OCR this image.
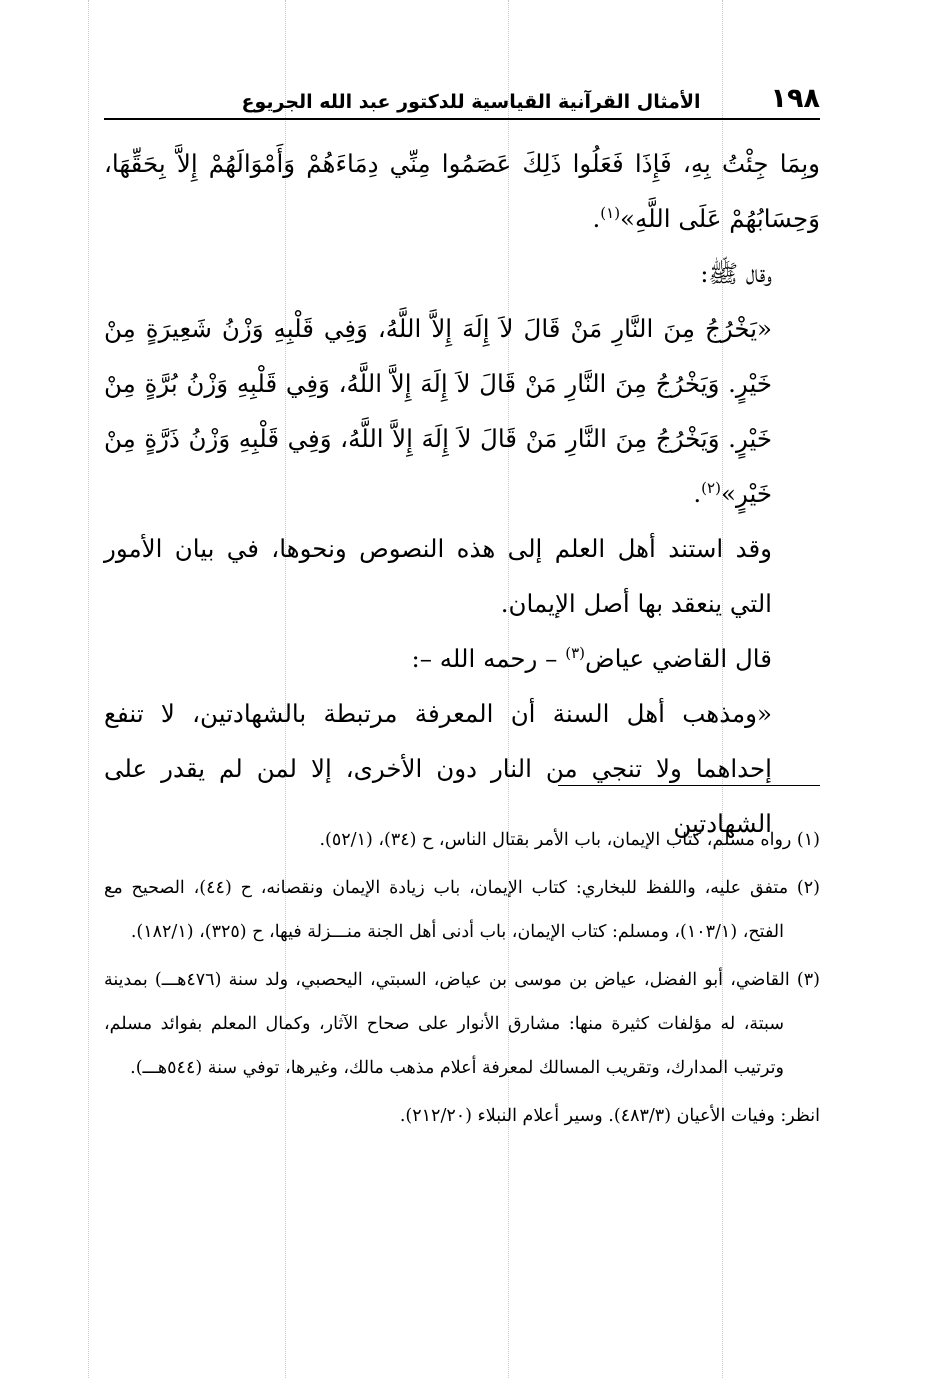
١٩٨
الأمثال القرآنية القياسية للدكتور عبد الله الجريوع

وبِمَا جِئْتُ بِهِ، فَإِذَا فَعَلُوا ذَلِكَ عَصَمُوا مِنِّي دِمَاءَهُمْ وَأَمْوَالَهُمْ إِلاَّ بِحَقِّهَا، وَحِسَابُهُمْ عَلَى اللَّهِ»$^{(١)}$.

وقال ﷺ:

«يَخْرُجُ مِنَ النَّارِ مَنْ قَالَ لاَ إِلَهَ إِلاَّ اللَّهُ، وَفِي قَلْبِهِ وَزْنُ شَعِيرَةٍ مِنْ خَيْرٍ. وَيَخْرُجُ مِنَ النَّارِ مَنْ قَالَ لاَ إِلَهَ إِلاَّ اللَّهُ، وَفِي قَلْبِهِ وَزْنُ بُرَّةٍ مِنْ خَيْرٍ. وَيَخْرُجُ مِنَ النَّارِ مَنْ قَالَ لاَ إِلَهَ إِلاَّ اللَّهُ، وَفِي قَلْبِهِ وَزْنُ ذَرَّةٍ مِنْ خَيْرٍ»$^{(٢)}$.

وقد استند أهل العلم إلى هذه النصوص ونحوها، في بيان الأمور التي ينعقد بها أصل الإيمان.

قال القاضي عياض$^{(٣)}$ – رحمه الله –:

«ومذهب أهل السنة أن المعرفة مرتبطة بالشهادتين، لا تنفع إحداهما ولا تنجي من النار دون الأخرى، إلا لمن لم يقدر على الشهادتين

(١) رواه مسلم، كتاب الإيمان، باب الأمر بقتال الناس، ح (٣٤)، (٥٢/١).

(٢) متفق عليه، واللفظ للبخاري: كتاب الإيمان، باب زيادة الإيمان ونقصانه، ح (٤٤)، الصحيح مع الفتح، (١٠٣/١)، ومسلم: كتاب الإيمان، باب أدنى أهل الجنة منـــزلة فيها، ح (٣٢٥)، (١٨٢/١).

(٣) القاضي، أبو الفضل، عياض بن موسى بن عياض، السبتي، اليحصبي، ولد سنة (٤٧٦هـــ) بمدينة سبتة، له مؤلفات كثيرة منها: مشارق الأنوار على صحاح الآثار، وكمال المعلم بفوائد مسلم، وترتيب المدارك، وتقريب المسالك لمعرفة أعلام مذهب مالك، وغيرها، توفي سنة (٥٤٤هـــ).

انظر: وفيات الأعيان (٤٨٣/٣). وسير أعلام النبلاء (٢١٢/٢٠).
